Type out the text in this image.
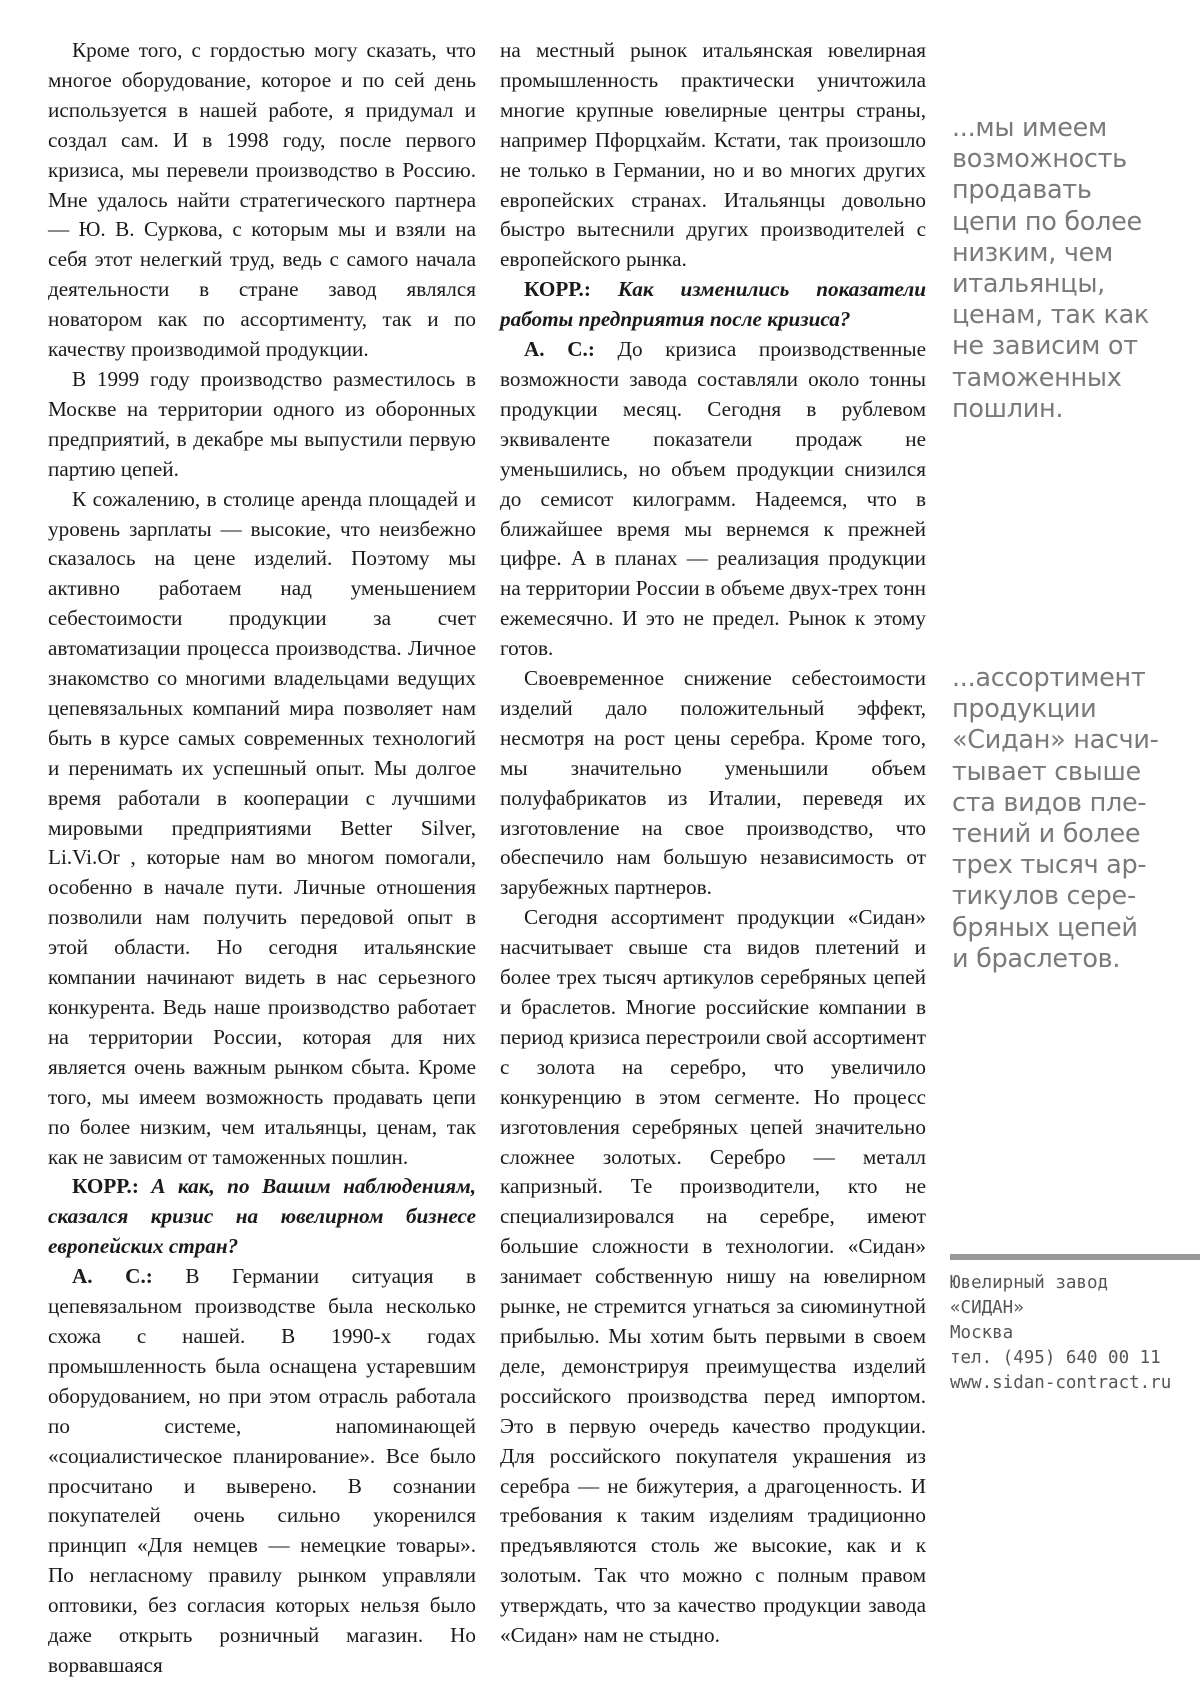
Кроме того, с гордостью могу сказать, что многое оборудование, которое и по сей день используется в нашей работе, я придумал и создал сам. И в 1998 году, после первого кризиса, мы перевели производство в Россию. Мне удалось найти стратегического партнера — Ю. В. Суркова, с которым мы и взяли на себя этот нелегкий труд, ведь с самого начала деятельности в стране завод являлся новатором как по ассортименту, так и по качеству производимой продукции.

В 1999 году производство разместилось в Москве на территории одного из оборонных предприятий, в декабре мы выпустили первую партию цепей.

К сожалению, в столице аренда площадей и уровень зарплаты — высокие, что неизбежно сказалось на цене изделий. Поэтому мы активно работаем над уменьшением себестоимости продукции за счет автоматизации процесса производства. Личное знакомство со многими владельцами ведущих цепевязальных компаний мира позволяет нам быть в курсе самых современных технологий и перенимать их успешный опыт. Мы долгое время работали в кооперации с лучшими мировыми предприятиями Better Silver, Li.Vi.Or , которые нам во многом помогали, особенно в начале пути. Личные отношения позволили нам получить передовой опыт в этой области. Но сегодня итальянские компании начинают видеть в нас серьезного конкурента. Ведь наше производство работает на территории России, которая для них является очень важным рынком сбыта. Кроме того, мы имеем возможность продавать цепи по более низким, чем итальянцы, ценам, так как не зависим от таможенных пошлин.

КОРР.: А как, по Вашим наблюдениям, сказался кризис на ювелирном бизнесе европейских стран?

А. С.: В Германии ситуация в цепевязальном производстве была несколько схожа с нашей. В 1990-х годах промышленность была оснащена устаревшим оборудованием, но при этом отрасль работала по системе, напоминающей «социалистическое планирование». Все было просчитано и выверено. В сознании покупателей очень сильно укоренился принцип «Для немцев — немецкие товары». По негласному правилу рынком управляли оптовики, без согласия которых нельзя было даже открыть розничный магазин. Но ворвавшаяся

на местный рынок итальянская ювелирная промышленность практически уничтожила многие крупные ювелирные центры страны, например Пфорцхайм. Кстати, так произошло не только в Германии, но и во многих других европейских странах. Итальянцы довольно быстро вытеснили других производителей с европейского рынка.

КОРР.: Как изменились показатели работы предприятия после кризиса?

А. С.: До кризиса производственные возможности завода составляли около тонны продукции месяц. Сегодня в рублевом эквиваленте показатели продаж не уменьшились, но объем продукции снизился до семисот килограмм. Надеемся, что в ближайшее время мы вернемся к прежней цифре. А в планах — реализация продукции на территории России в объеме двух-трех тонн ежемесячно. И это не предел. Рынок к этому готов.

Своевременное снижение себестоимости изделий дало положительный эффект, несмотря на рост цены серебра. Кроме того, мы значительно уменьшили объем полуфабрикатов из Италии, переведя их изготовление на свое производство, что обеспечило нам большую независимость от зарубежных партнеров.

Сегодня ассортимент продукции «Сидан» насчитывает свыше ста видов плетений и более трех тысяч артикулов серебряных цепей и браслетов. Многие российские компании в период кризиса перестроили свой ассортимент с золота на серебро, что увеличило конкуренцию в этом сегменте. Но процесс изготовления серебряных цепей значительно сложнее золотых. Серебро — металл капризный. Те производители, кто не специализировался на серебре, имеют большие сложности в технологии. «Сидан» занимает собственную нишу на ювелирном рынке, не стремится угнаться за сиюминутной прибылью. Мы хотим быть первыми в своем деле, демонстрируя преимущества изделий российского производства перед импортом. Это в первую очередь качество продукции. Для российского покупателя украшения из серебра — не бижутерия, а драгоценность. И требования к таким изделиям традиционно предъявляются столь же высокие, как и к золотым. Так что можно с полным правом утверждать, что за качество продукции завода «Сидан» нам не стыдно.

...мы имеем
возможность
продавать
цепи по более
низким, чем
итальянцы,
ценам, так как
не зависим от
таможенных
пошлин.
...ассортимент
продукции
«Сидан» насчи-
тывает свыше
ста видов пле-
тений и более
трех тысяч ар-
тикулов сере-
бряных цепей
и браслетов.
Ювелирный завод
«СИДАН»
Москва
тел. (495) 640 00 11
www.sidan-contract.ru
